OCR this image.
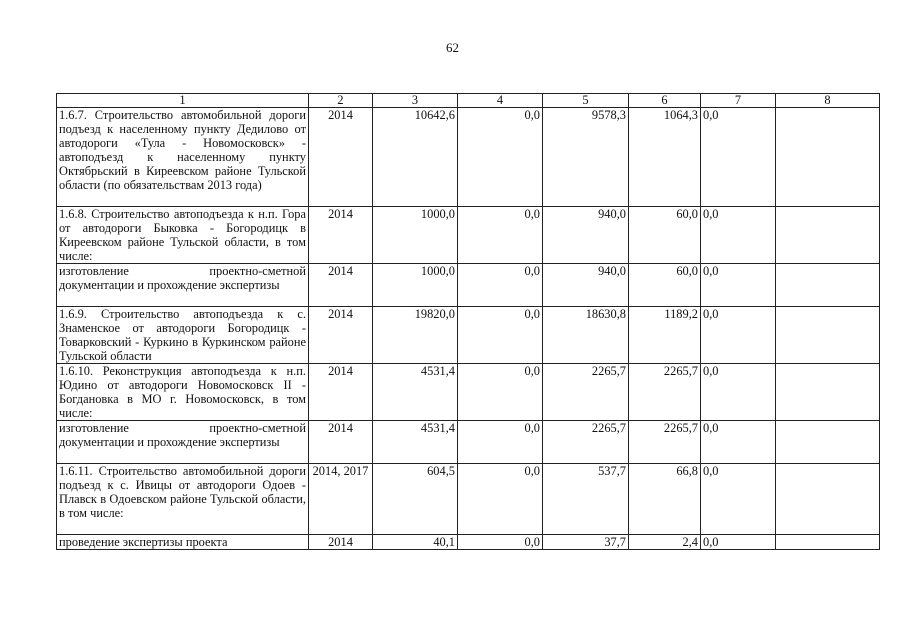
62
1	2	3	4	5	6	7	8
1.6.7. Строительство автомобильной дороги подъезд к населенному пункту Дедилово от автодороги «Тула - Новомосковск» - автоподъезд к населенному пункту Октябрьский в Киреевском районе Тульской области (по обязательствам 2013 года)	2014	10642,6	0,0	9578,3	1064,3	0,0	
1.6.8. Строительство автоподъезда к н.п. Гора от автодороги Быковка - Богородицк в Киреевском районе Тульской области, в том числе:	2014	1000,0	0,0	940,0	60,0	0,0	
изготовление проектно-сметной документации и прохождение экспертизы	2014	1000,0	0,0	940,0	60,0	0,0	
1.6.9. Строительство автоподъезда к с. Знаменское от автодороги Богородицк - Товарковский - Куркино в Куркинском районе Тульской области	2014	19820,0	0,0	18630,8	1189,2	0,0	
1.6.10. Реконструкция автоподъезда к н.п. Юдино от автодороги Новомосковск II - Богдановка в МО г. Новомосковск, в том числе:	2014	4531,4	0,0	2265,7	2265,7	0,0	
изготовление проектно-сметной документации и прохождение экспертизы	2014	4531,4	0,0	2265,7	2265,7	0,0	
1.6.11. Строительство автомобильной дороги подъезд к с. Ивицы от автодороги Одоев - Плавск в Одоевском районе Тульской области, в том числе:	2014, 2017	604,5	0,0	537,7	66,8	0,0	
проведение экспертизы проекта	2014	40,1	0,0	37,7	2,4	0,0	
